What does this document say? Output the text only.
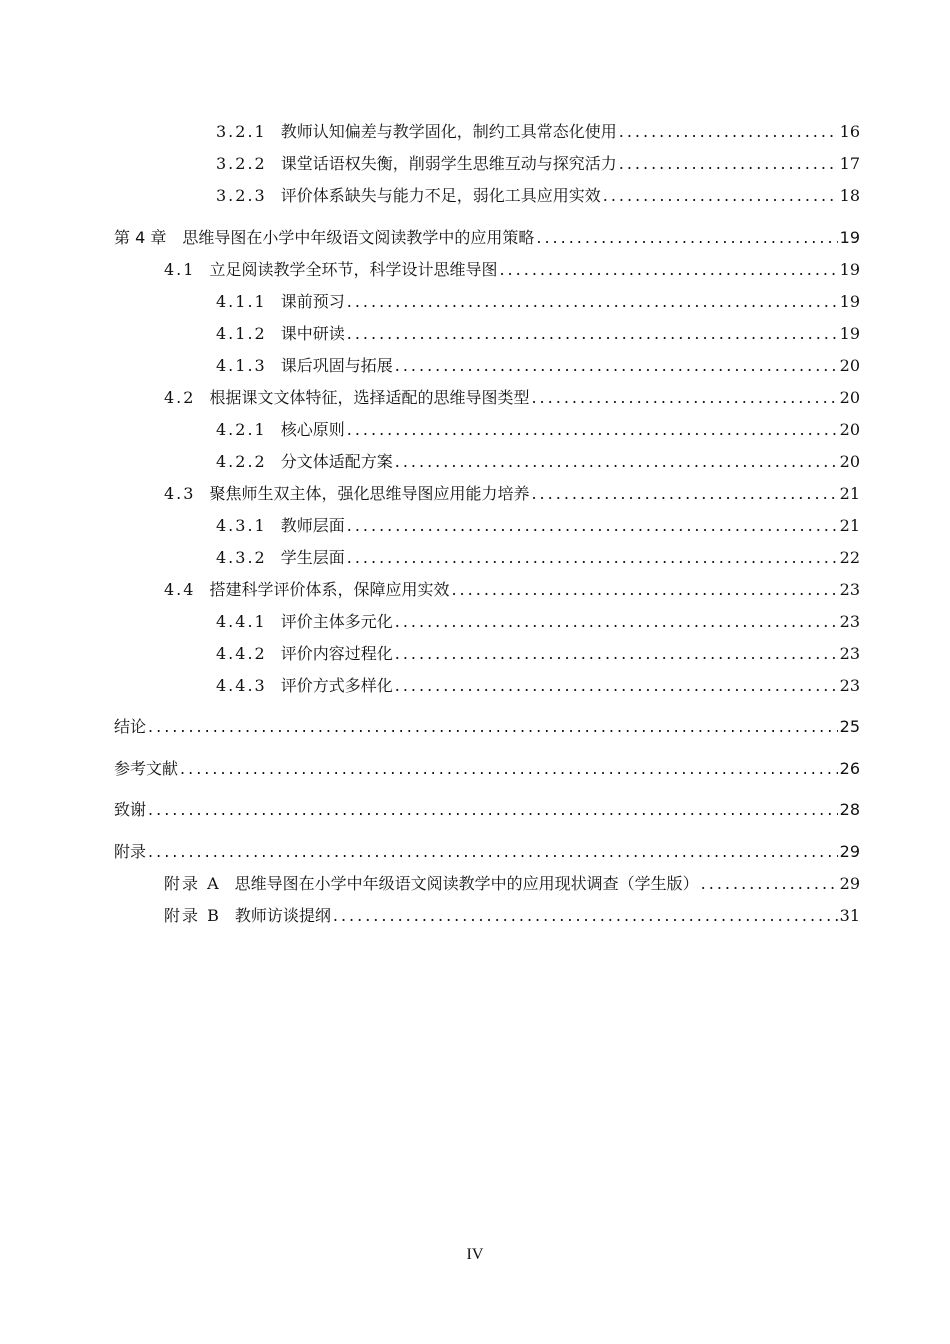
3.2.1 教师认知偏差与教学固化，制约工具常态化使用 .....	16
3.2.2 课堂话语权失衡，削弱学生思维互动与探究活力 .....	17
3.2.3 评价体系缺失与能力不足，弱化工具应用实效 .....	18
第 4 章 思维导图在小学中年级语文阅读教学中的应用策略 .....	19
4.1 立足阅读教学全环节，科学设计思维导图 .....	19
4.1.1 课前预习 .....	19
4.1.2 课中研读 .....	19
4.1.3 课后巩固与拓展 .....	20
4.2 根据课文文体特征，选择适配的思维导图类型 .....	20
4.2.1 核心原则 .....	20
4.2.2 分文体适配方案 .....	20
4.3 聚焦师生双主体，强化思维导图应用能力培养 .....	21
4.3.1 教师层面 .....	21
4.3.2 学生层面 .....	22
4.4 搭建科学评价体系，保障应用实效 .....	23
4.4.1 评价主体多元化 .....	23
4.4.2 评价内容过程化 .....	23
4.4.3 评价方式多样化 .....	23
结论 .....	25
参考文献 .....	26
致谢 .....	28
附录 .....	29
附录 A 思维导图在小学中年级语文阅读教学中的应用现状调查（学生版） .....	29
附录 B 教师访谈提纲 .....	31
IV
